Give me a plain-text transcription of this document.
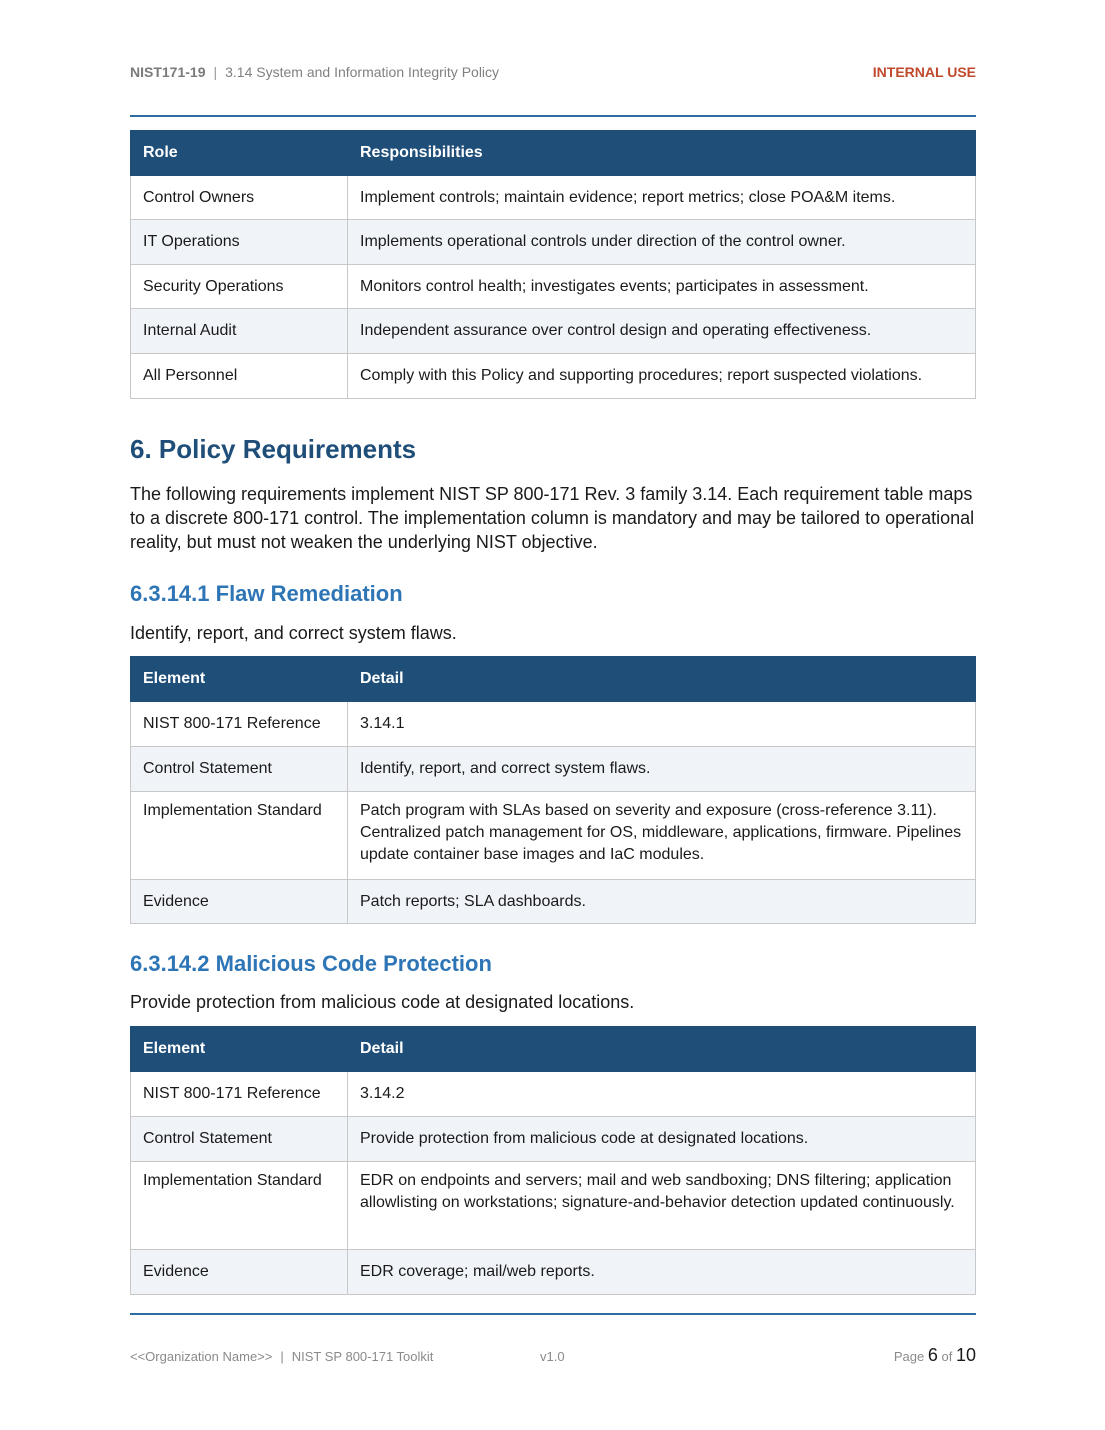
NIST171-19 | 3.14 System and Information Integrity Policy	INTERNAL USE
Role	Responsibilities
Control Owners	Implement controls; maintain evidence; report metrics; close POA&M items.
IT Operations	Implements operational controls under direction of the control owner.
Security Operations	Monitors control health; investigates events; participates in assessment.
Internal Audit	Independent assurance over control design and operating effectiveness.
All Personnel	Comply with this Policy and supporting procedures; report suspected violations.
6. Policy Requirements

The following requirements implement NIST SP 800-171 Rev. 3 family 3.14. Each requirement table maps to a discrete 800-171 control. The implementation column is mandatory and may be tailored to operational reality, but must not weaken the underlying NIST objective.

6.3.14.1 Flaw Remediation

Identify, report, and correct system flaws.

Element	Detail
NIST 800-171 Reference	3.14.1
Control Statement	Identify, report, and correct system flaws.
Implementation Standard	Patch program with SLAs based on severity and exposure (cross-reference 3.11). Centralized patch management for OS, middleware, applications, firmware. Pipelines update container base images and IaC modules.
Evidence	Patch reports; SLA dashboards.
6.3.14.2 Malicious Code Protection

Provide protection from malicious code at designated locations.

Element	Detail
NIST 800-171 Reference	3.14.2
Control Statement	Provide protection from malicious code at designated locations.
Implementation Standard	EDR on endpoints and servers; mail and web sandboxing; DNS filtering; application allowlisting on workstations; signature-and-behavior detection updated continuously.
Evidence	EDR coverage; mail/web reports.
<<Organization Name>> | NIST SP 800-171 Toolkit	v1.0	Page 6 of 10
